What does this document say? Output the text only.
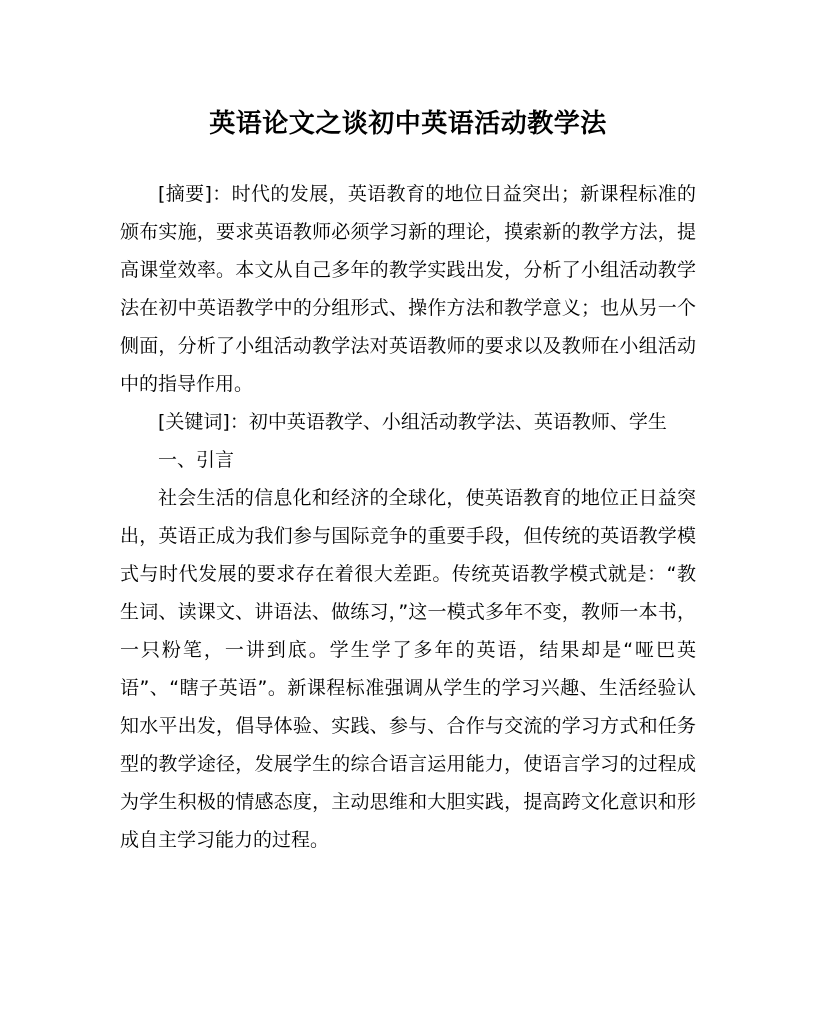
英语论文之谈初中英语活动教学法

[摘要]：时代的发展，英语教育的地位日益突出；新课程标准的颁布实施，要求英语教师必须学习新的理论，摸索新的教学方法，提高课堂效率。本文从自己多年的教学实践出发，分析了小组活动教学法在初中英语教学中的分组形式、操作方法和教学意义；也从另一个侧面，分析了小组活动教学法对英语教师的要求以及教师在小组活动中的指导作用。

[关键词]：初中英语教学、小组活动教学法、英语教师、学生

一、引言

社会生活的信息化和经济的全球化，使英语教育的地位正日益突出，英语正成为我们参与国际竞争的重要手段，但传统的英语教学模式与时代发展的要求存在着很大差距。传统英语教学模式就是：“教生词、读课文、讲语法、做练习，”这一模式多年不变，教师一本书，一只粉笔，一讲到底。学生学了多年的英语，结果却是“哑巴英语”、“瞎子英语”。新课程标准强调从学生的学习兴趣、生活经验认知水平出发，倡导体验、实践、参与、合作与交流的学习方式和任务型的教学途径，发展学生的综合语言运用能力，使语言学习的过程成为学生积极的情感态度，主动思维和大胆实践，提高跨文化意识和形成自主学习能力的过程。
